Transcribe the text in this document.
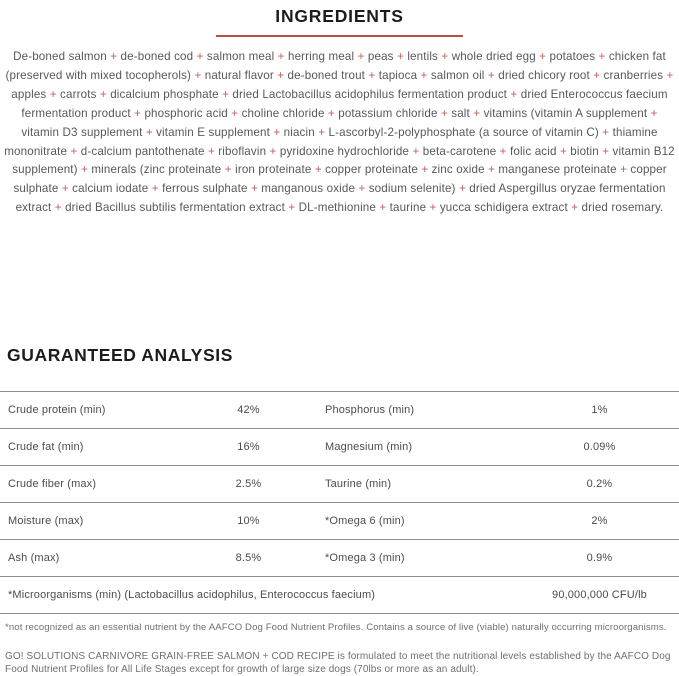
INGREDIENTS

De-boned salmon + de-boned cod + salmon meal + herring meal + peas + lentils + whole dried egg + potatoes + chicken fat (preserved with mixed tocopherols) + natural flavor + de-boned trout + tapioca + salmon oil + dried chicory root + cranberries + apples + carrots + dicalcium phosphate + dried Lactobacillus acidophilus fermentation product + dried Enterococcus faecium fermentation product + phosphoric acid + choline chloride + potassium chloride + salt + vitamins (vitamin A supplement + vitamin D3 supplement + vitamin E supplement + niacin + L-ascorbyl-2-polyphosphate (a source of vitamin C) + thiamine mononitrate + d-calcium pantothenate + riboflavin + pyridoxine hydrochloride + beta-carotene + folic acid + biotin + vitamin B12 supplement) + minerals (zinc proteinate + iron proteinate + copper proteinate + zinc oxide + manganese proteinate + copper sulphate + calcium iodate + ferrous sulphate + manganous oxide + sodium selenite) + dried Aspergillus oryzae fermentation extract + dried Bacillus subtilis fermentation extract + DL-methionine + taurine + yucca schidigera extract + dried rosemary.

GUARANTEED ANALYSIS
Crude protein (min)	42%	Phosphorus (min)	1%
Crude fat (min)	16%	Magnesium (min)	0.09%
Crude fiber (max)	2.5%	Taurine (min)	0.2%
Moisture (max)	10%	*Omega 6 (min)	2%
Ash (max)	8.5%	*Omega 3 (min)	0.9%
*Microorganisms (min) (Lactobacillus acidophilus, Enterococcus faecium)			90,000,000 CFU/lb

*not recognized as an essential nutrient by the AAFCO Dog Food Nutrient Profiles. Contains a source of live (viable) naturally occurring microorganisms.

GO! SOLUTIONS CARNIVORE GRAIN-FREE SALMON + COD RECIPE is formulated to meet the nutritional levels established by the AAFCO Dog Food Nutrient Profiles for All Life Stages except for growth of large size dogs (70lbs or more as an adult).
